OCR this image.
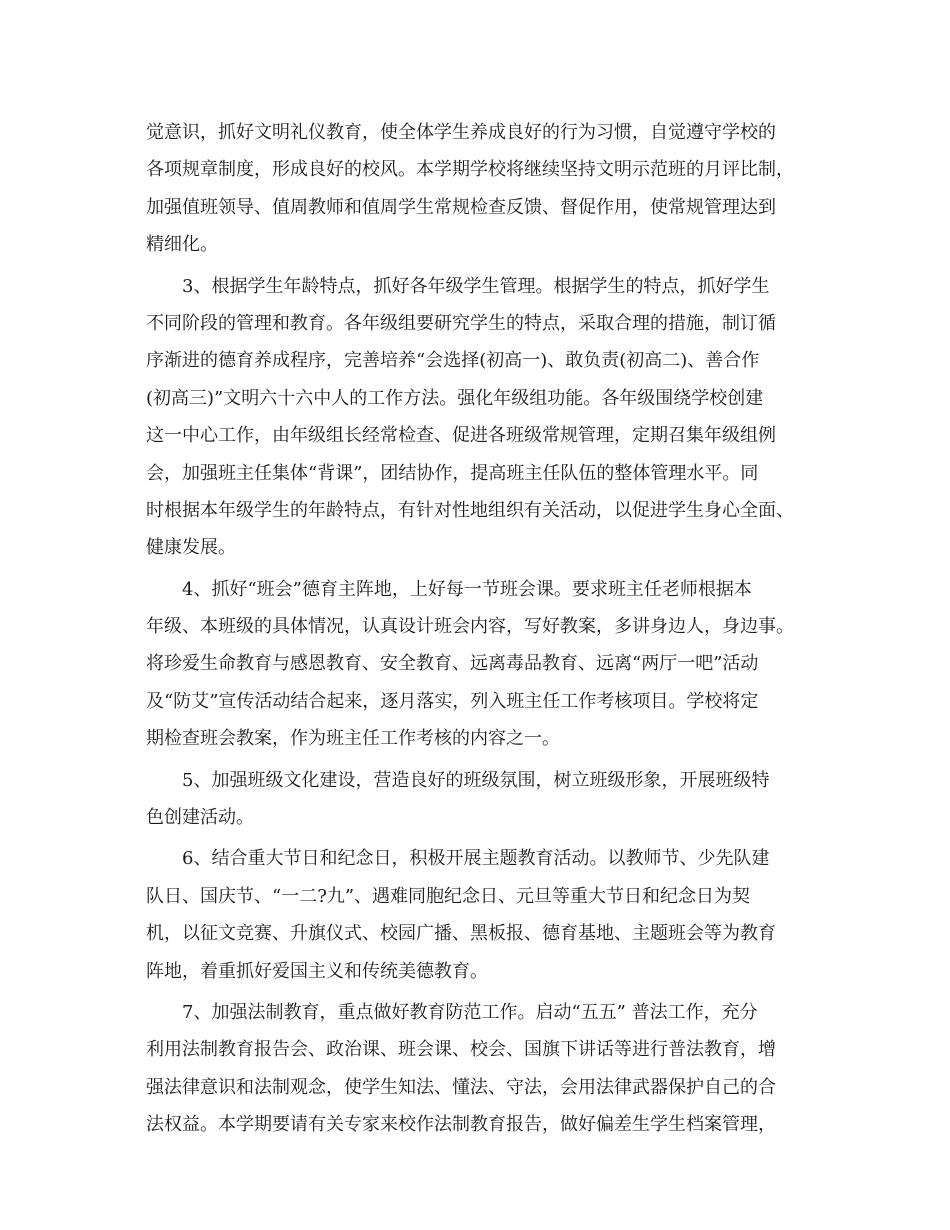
觉意识，抓好文明礼仪教育，使全体学生养成良好的行为习惯，自觉遵守学校的
各项规章制度，形成良好的校风。本学期学校将继续坚持文明示范班的月评比制，
加强值班领导、值周教师和值周学生常规检查反馈、督促作用，使常规管理达到
精细化。

3、根据学生年龄特点，抓好各年级学生管理。根据学生的特点，抓好学生
不同阶段的管理和教育。各年级组要研究学生的特点，采取合理的措施，制订循
序渐进的德育养成程序，完善培养“会选择(初高一)、敢负责(初高二)、善合作
(初高三)”文明六十六中人的工作方法。强化年级组功能。各年级围绕学校创建
这一中心工作，由年级组长经常检查、促进各班级常规管理，定期召集年级组例
会，加强班主任集体“背课”，团结协作，提高班主任队伍的整体管理水平。同
时根据本年级学生的年龄特点，有针对性地组织有关活动，以促进学生身心全面、
健康发展。

4、抓好“班会”德育主阵地，上好每一节班会课。要求班主任老师根据本
年级、本班级的具体情况，认真设计班会内容，写好教案，多讲身边人，身边事。
将珍爱生命教育与感恩教育、安全教育、远离毒品教育、远离“两厅一吧”活动
及“防艾”宣传活动结合起来，逐月落实，列入班主任工作考核项目。学校将定
期检查班会教案，作为班主任工作考核的内容之一。

5、加强班级文化建设，营造良好的班级氛围，树立班级形象，开展班级特
色创建活动。

6、结合重大节日和纪念日，积极开展主题教育活动。以教师节、少先队建
队日、国庆节、“一二?九”、遇难同胞纪念日、元旦等重大节日和纪念日为契
机，以征文竞赛、升旗仪式、校园广播、黑板报、德育基地、主题班会等为教育
阵地，着重抓好爱国主义和传统美德教育。

7、加强法制教育，重点做好教育防范工作。启动“五五” 普法工作，充分
利用法制教育报告会、政治课、班会课、校会、国旗下讲话等进行普法教育，增
强法律意识和法制观念，使学生知法、懂法、守法，会用法律武器保护自己的合
法权益。本学期要请有关专家来校作法制教育报告，做好偏差生学生档案管理，
